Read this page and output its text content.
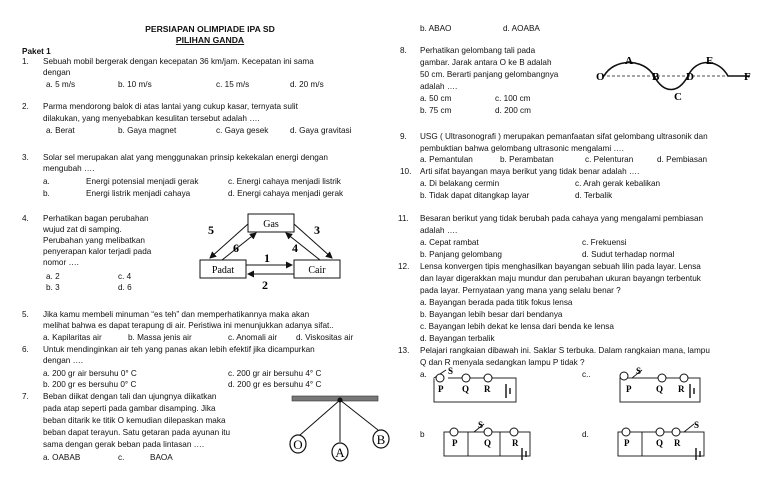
PERSIAPAN OLIMPIADE IPA SD
PILIHAN GANDA
Paket 1
1. Sebuah mobil bergerak dengan kecepatan 36 km/jam. Kecepatan ini sama
dengan
a. 5 m/s	b. 10 m/s	c. 15 m/s	d. 20 m/s
2. Parma mendorong balok di atas lantai yang cukup kasar, ternyata sulit
dilakukan, yang menyebabkan kesulitan tersebut adalah ….
a. Berat	b. Gaya magnet	c. Gaya gesek	d. Gaya gravitasi
3. Solar sel merupakan alat yang menggunakan prinsip kekekalan energi dengan
mengubah ….
a.	Energi potensial menjadi gerak	c. Energi cahaya menjadi listrik
b.	Energi listrik menjadi cahaya	d. Energi cahaya menjadi gerak
4. Perhatikan bagan perubahan
wujud zat di samping.
Perubahan yang melibatkan
penyerapan kalor terjadi pada
nomor ….
a. 2	c. 4
b. 3	d. 6
Gas
Padat	Cair
1
2
3
4
5
6
5. Jika kamu membeli minuman “es teh” dan memperhatikannya maka akan
melihat bahwa es dapat terapung di air. Peristiwa ini menunjukkan adanya sifat..
a. Kapilaritas air	b. Massa jenis air	c. Anomali air d. Viskositas air
6. Untuk mendinginkan air teh yang panas akan lebih efektif jika dicampurkan
dengan ….
a. 200 gr air bersuhu 0° C	c. 200 gr air bersuhu 4° C
b. 200 gr es bersuhu 0° C	d. 200 gr es bersuhu 4° C
7. Beban diikat dengan tali dan ujungnya diikatkan
pada atap seperti pada gambar disamping. Jika
beban ditarik ke titik O kemudian dilepaskan maka
beban dapat terayun. Satu getaran pada ayunan itu
sama dengan gerak beban pada lintasan ….
a. OABAB	c.	BAOA
O
A
B
b. ABAO	d. AOABA
8. Perhatikan gelombang tali pada
gambar. Jarak antara O ke B adalah
50 cm. Berarti panjang gelombangnya
adalah ….
a. 50 cm	c. 100 cm
b. 75 cm	d. 200 cm
O
A
B
C
D
E
F
9. USG ( Ultrasonografi ) merupakan pemanfaatan sifat gelombang ultrasonik dan
pembuktian bahwa gelombang ultrasonic mengalami ….
a. Pemantulan	b. Perambatan	c. Pelenturan	d. Pembiasan
10. Arti sifat bayangan maya berikut yang tidak benar adalah ….
a. Di belakang cermin	c. Arah gerak kebalikan
b. Tidak dapat ditangkap layar	d. Terbalik
11. Besaran berikut yang tidak berubah pada cahaya yang mengalami pembiasan
adalah ….
a. Cepat rambat	c. Frekuensi
b. Panjang gelombang	d. Sudut terhadap normal
12. Lensa konvergen tipis menghasilkan bayangan sebuah lilin pada layar. Lensa
dan layar digerakkan maju mundur dan perubahan ukuran bayangn terbentuk
pada layar. Pernyataan yang mana yang selalu benar ?
a. Bayangan berada pada titik fokus lensa
b. Bayangan lebih besar dari bendanya
c. Bayangan lebih dekat ke lensa dari benda ke lensa
d. Bayangan terbalik
13. Pelajari rangkaian dibawah ini. Saklar S terbuka. Dalam rangkaian mana, lampu
Q dan R menyala sedangkan lampu P tidak ?
a.	c..
b	d.
S
P Q R
S
P	Q R
S
P	Q R
S
P	Q R
